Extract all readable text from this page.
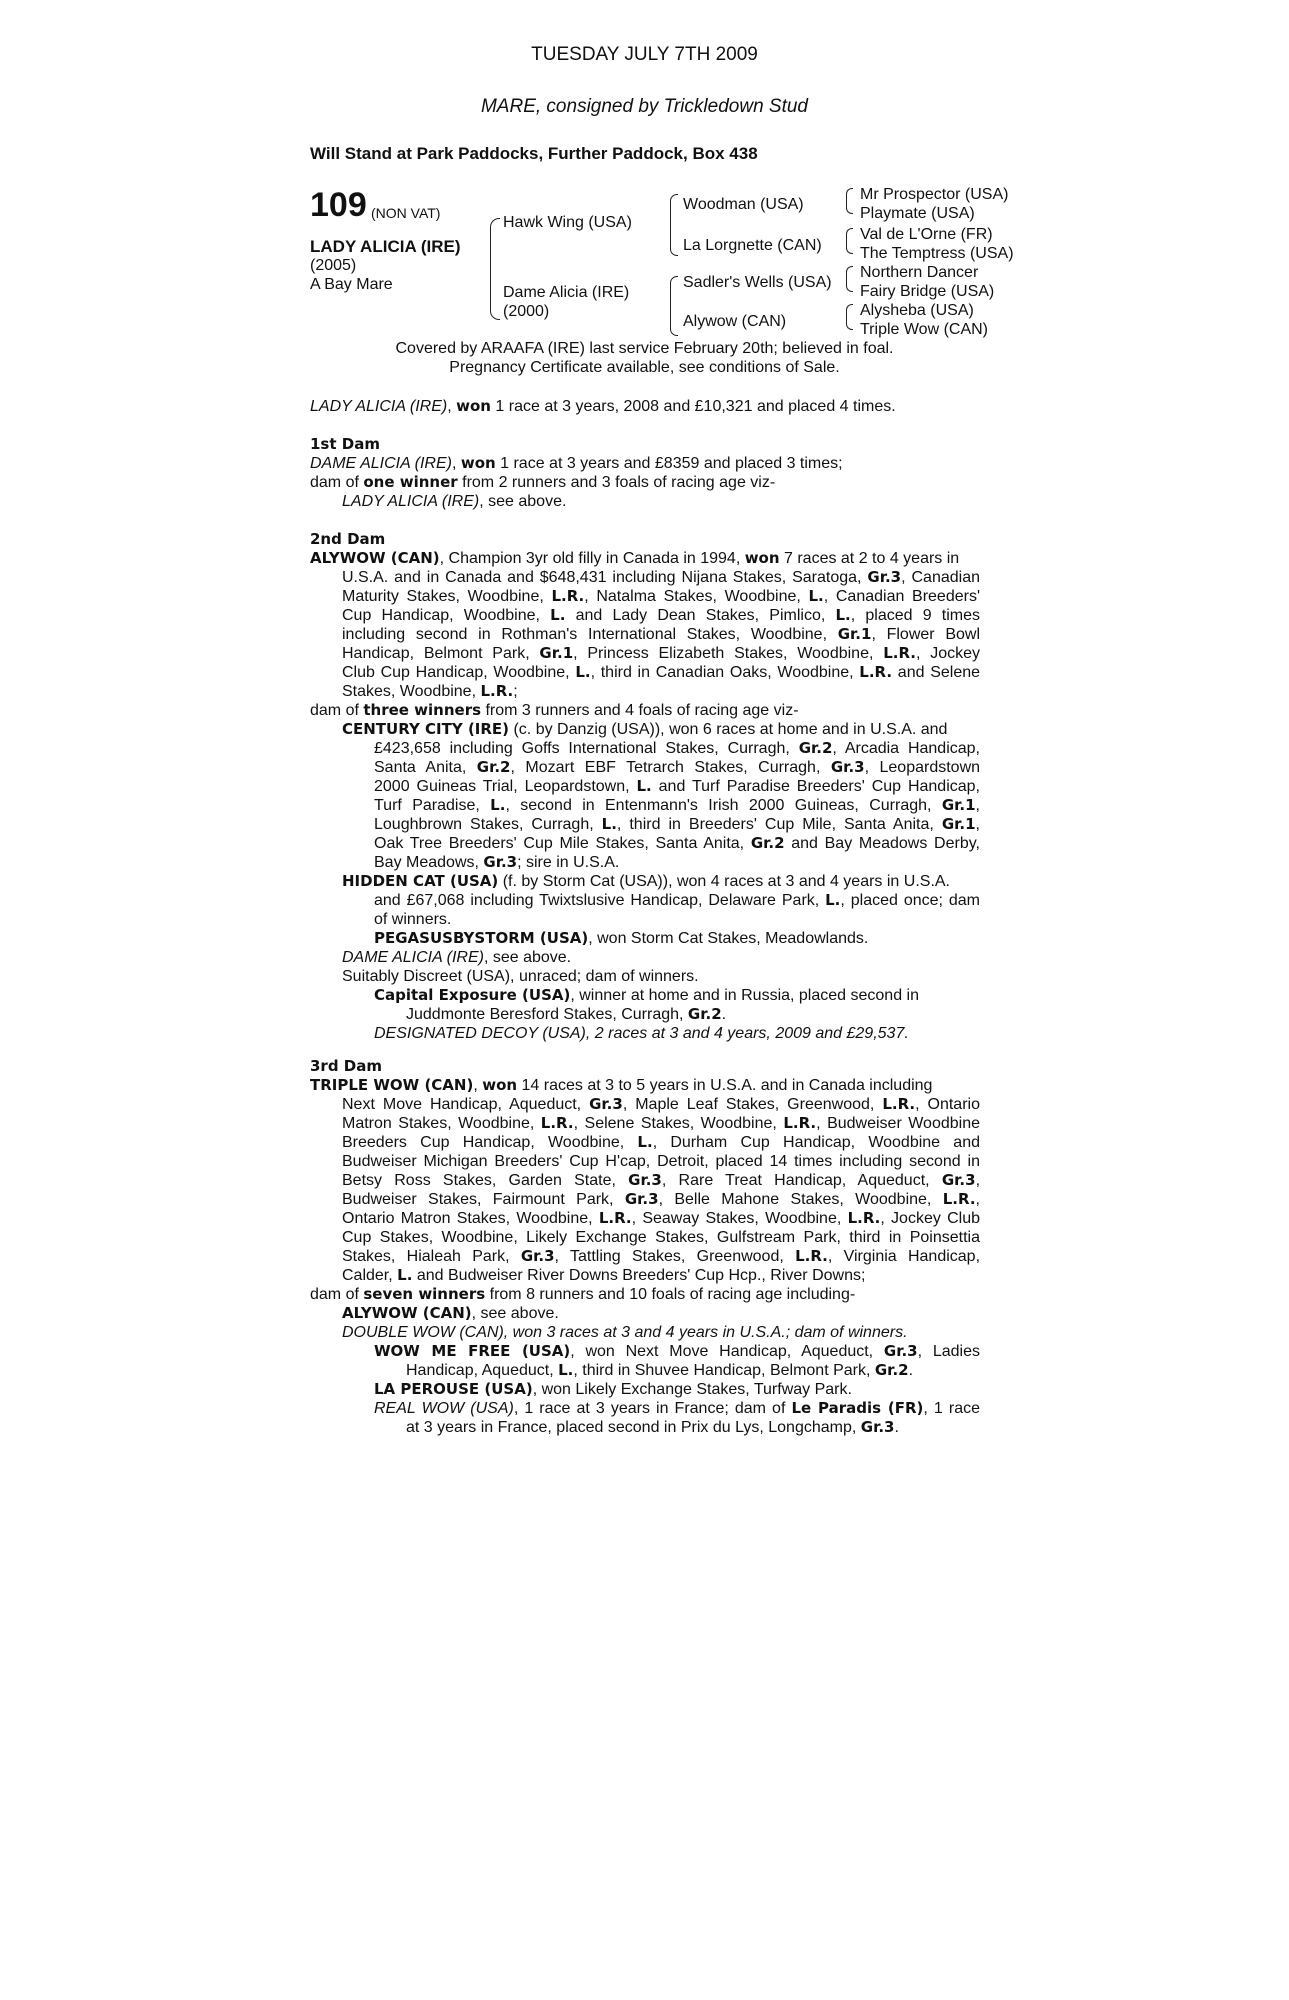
TUESDAY JULY 7TH 2009
MARE, consigned by Trickledown Stud
Will Stand at Park Paddocks, Further Paddock, Box 438
109 (NON VAT)
LADY ALICIA (IRE)
(2005)
A Bay Mare
Hawk Wing (USA)
Dame Alicia (IRE)
(2000)
Woodman (USA)
La Lorgnette (CAN)
Sadler's Wells (USA)
Alywow (CAN)
Mr Prospector (USA)
Playmate (USA)
Val de L'Orne (FR)
The Temptress (USA)
Northern Dancer
Fairy Bridge (USA)
Alysheba (USA)
Triple Wow (CAN)
Covered by ARAAFA (IRE) last service February 20th; believed in foal.
Pregnancy Certificate available, see conditions of Sale.
LADY ALICIA (IRE), won 1 race at 3 years, 2008 and £10,321 and placed 4 times.
1st Dam
DAME ALICIA (IRE), won 1 race at 3 years and £8359 and placed 3 times;
dam of one winner from 2 runners and 3 foals of racing age viz-
LADY ALICIA (IRE), see above.
2nd Dam
ALYWOW (CAN), Champion 3yr old filly in Canada in 1994, won 7 races at 2 to 4 years in
U.S.A. and in Canada and $648,431 including Nijana Stakes, Saratoga, Gr.3, Canadian
Maturity Stakes, Woodbine, L.R., Natalma Stakes, Woodbine, L., Canadian Breeders'
Cup Handicap, Woodbine, L. and Lady Dean Stakes, Pimlico, L., placed 9 times
including second in Rothman's International Stakes, Woodbine, Gr.1, Flower Bowl
Handicap, Belmont Park, Gr.1, Princess Elizabeth Stakes, Woodbine, L.R., Jockey
Club Cup Handicap, Woodbine, L., third in Canadian Oaks, Woodbine, L.R. and Selene
Stakes, Woodbine, L.R.;
dam of three winners from 3 runners and 4 foals of racing age viz-
CENTURY CITY (IRE) (c. by Danzig (USA)), won 6 races at home and in U.S.A. and
£423,658 including Goffs International Stakes, Curragh, Gr.2, Arcadia Handicap,
Santa Anita, Gr.2, Mozart EBF Tetrarch Stakes, Curragh, Gr.3, Leopardstown
2000 Guineas Trial, Leopardstown, L. and Turf Paradise Breeders' Cup Handicap,
Turf Paradise, L., second in Entenmann's Irish 2000 Guineas, Curragh, Gr.1,
Loughbrown Stakes, Curragh, L., third in Breeders' Cup Mile, Santa Anita, Gr.1,
Oak Tree Breeders' Cup Mile Stakes, Santa Anita, Gr.2 and Bay Meadows Derby,
Bay Meadows, Gr.3; sire in U.S.A.
HIDDEN CAT (USA) (f. by Storm Cat (USA)), won 4 races at 3 and 4 years in U.S.A.
and £67,068 including Twixtslusive Handicap, Delaware Park, L., placed once; dam
of winners.
PEGASUSBYSTORM (USA), won Storm Cat Stakes, Meadowlands.
DAME ALICIA (IRE), see above.
Suitably Discreet (USA), unraced; dam of winners.
Capital Exposure (USA), winner at home and in Russia, placed second in
Juddmonte Beresford Stakes, Curragh, Gr.2.
DESIGNATED DECOY (USA), 2 races at 3 and 4 years, 2009 and £29,537.
3rd Dam
TRIPLE WOW (CAN), won 14 races at 3 to 5 years in U.S.A. and in Canada including
Next Move Handicap, Aqueduct, Gr.3, Maple Leaf Stakes, Greenwood, L.R., Ontario
Matron Stakes, Woodbine, L.R., Selene Stakes, Woodbine, L.R., Budweiser Woodbine
Breeders Cup Handicap, Woodbine, L., Durham Cup Handicap, Woodbine and
Budweiser Michigan Breeders' Cup H'cap, Detroit, placed 14 times including second in
Betsy Ross Stakes, Garden State, Gr.3, Rare Treat Handicap, Aqueduct, Gr.3,
Budweiser Stakes, Fairmount Park, Gr.3, Belle Mahone Stakes, Woodbine, L.R.,
Ontario Matron Stakes, Woodbine, L.R., Seaway Stakes, Woodbine, L.R., Jockey Club
Cup Stakes, Woodbine, Likely Exchange Stakes, Gulfstream Park, third in Poinsettia
Stakes, Hialeah Park, Gr.3, Tattling Stakes, Greenwood, L.R., Virginia Handicap,
Calder, L. and Budweiser River Downs Breeders' Cup Hcp., River Downs;
dam of seven winners from 8 runners and 10 foals of racing age including-
ALYWOW (CAN), see above.
DOUBLE WOW (CAN), won 3 races at 3 and 4 years in U.S.A.; dam of winners.
WOW ME FREE (USA), won Next Move Handicap, Aqueduct, Gr.3, Ladies
Handicap, Aqueduct, L., third in Shuvee Handicap, Belmont Park, Gr.2.
LA PEROUSE (USA), won Likely Exchange Stakes, Turfway Park.
REAL WOW (USA), 1 race at 3 years in France; dam of Le Paradis (FR), 1 race
at 3 years in France, placed second in Prix du Lys, Longchamp, Gr.3.
